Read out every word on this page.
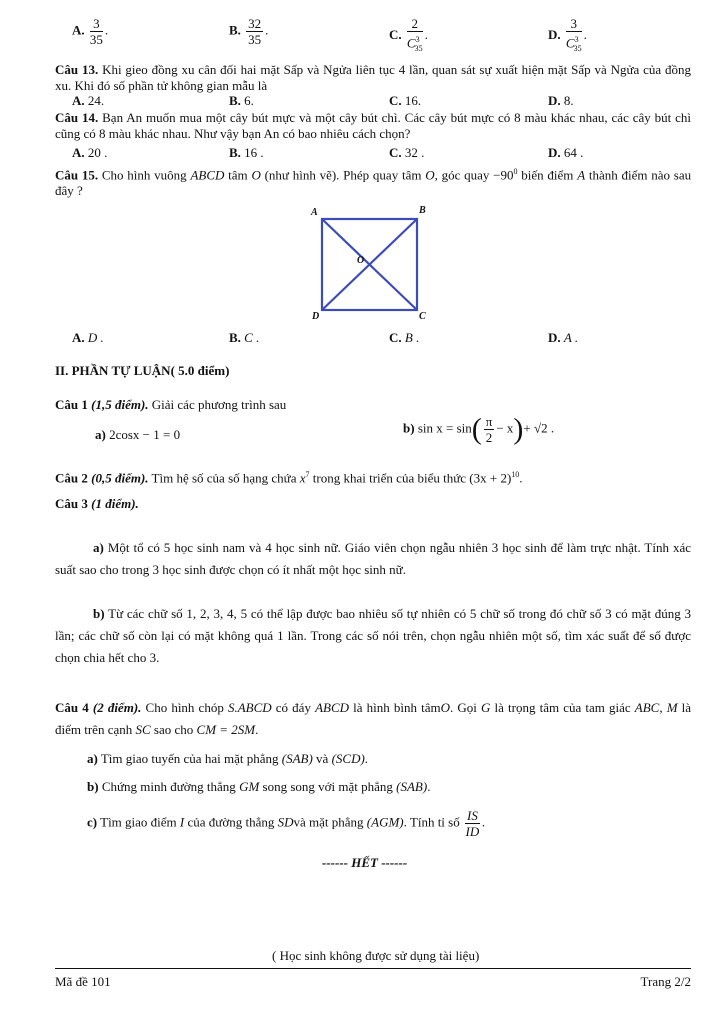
A. $\frac{3}{35}$ .	B. $\frac{32}{35}$ .	C. $\frac{2}{C^3_{35}}$ .	D. $\frac{3}{C^3_{35}}$ .
Câu 13. Khi gieo đồng xu cân đối hai mặt Sấp và Ngửa liên tục 4 lần, quan sát sự xuất hiện mặt Sấp và Ngửa của đồng xu. Khi đó số phần tử không gian mẫu là
A. 24.	B. 6.	C. 16.	D. 8.
Câu 14. Bạn An muốn mua một cây bút mực và một cây bút chì. Các cây bút mực có 8 màu khác nhau, các cây bút chì cũng có 8 màu khác nhau. Như vậy bạn An có bao nhiêu cách chọn?
A. 20 .	B. 16 .	C. 32 .	D. 64 .
Câu 15. Cho hình vuông ABCD tâm O (như hình vẽ). Phép quay tâm O, góc quay $-90^0$ biến điểm A thành điểm nào sau đây ?
A	B
C
D
O
A. D .	B. C .	C. B .	D. A .
II. PHẦN TỰ LUẬN( 5.0 điểm)
Câu 1 (1,5 điểm). Giải các phương trình sau
a) 2cosx − 1 = 0	b) $\sin x = \sin( \frac{\pi}{2} - x)+ √2$ .
Câu 2 (0,5 điểm). Tìm hệ số của số hạng chứa $x^7$ trong khai triển của biểu thức $(3x + 2)^{10}$.
Câu 3 (1 điểm).
a) Một tổ có 5 học sinh nam và 4 học sinh nữ. Giáo viên chọn ngẫu nhiên 3 học sinh để làm trực nhật. Tính xác suất sao cho trong 3 học sinh được chọn có ít nhất một học sinh nữ.
b) Từ các chữ số 1, 2, 3, 4, 5 có thể lập được bao nhiêu số tự nhiên có 5 chữ số trong đó chữ số 3 có mặt đúng 3 lần; các chữ số còn lại có mặt không quá 1 lần. Trong các số nói trên, chọn ngẫu nhiên một số, tìm xác suất để số được chọn chia hết cho 3.
Câu 4 (2 điểm). Cho hình chóp S.ABCD có đáy ABCD là hình bình tâmO. Gọi G là trọng tâm của tam giác ABC, M là điểm trên cạnh SC sao cho CM = 2SM.
a) Tìm giao tuyến của hai mặt phẳng (SAB) và (SCD).
b) Chứng minh đường thẳng GM song song với mặt phẳng (SAB).
c) Tìm giao điểm I của đường thẳng SDvà mặt phẳng (AGM). Tính tỉ số $\frac{IS}{ID}$ .
------ HẾT ------
( Học sinh không được sử dụng tài liệu)
Mã đề 101	Trang 2/2
